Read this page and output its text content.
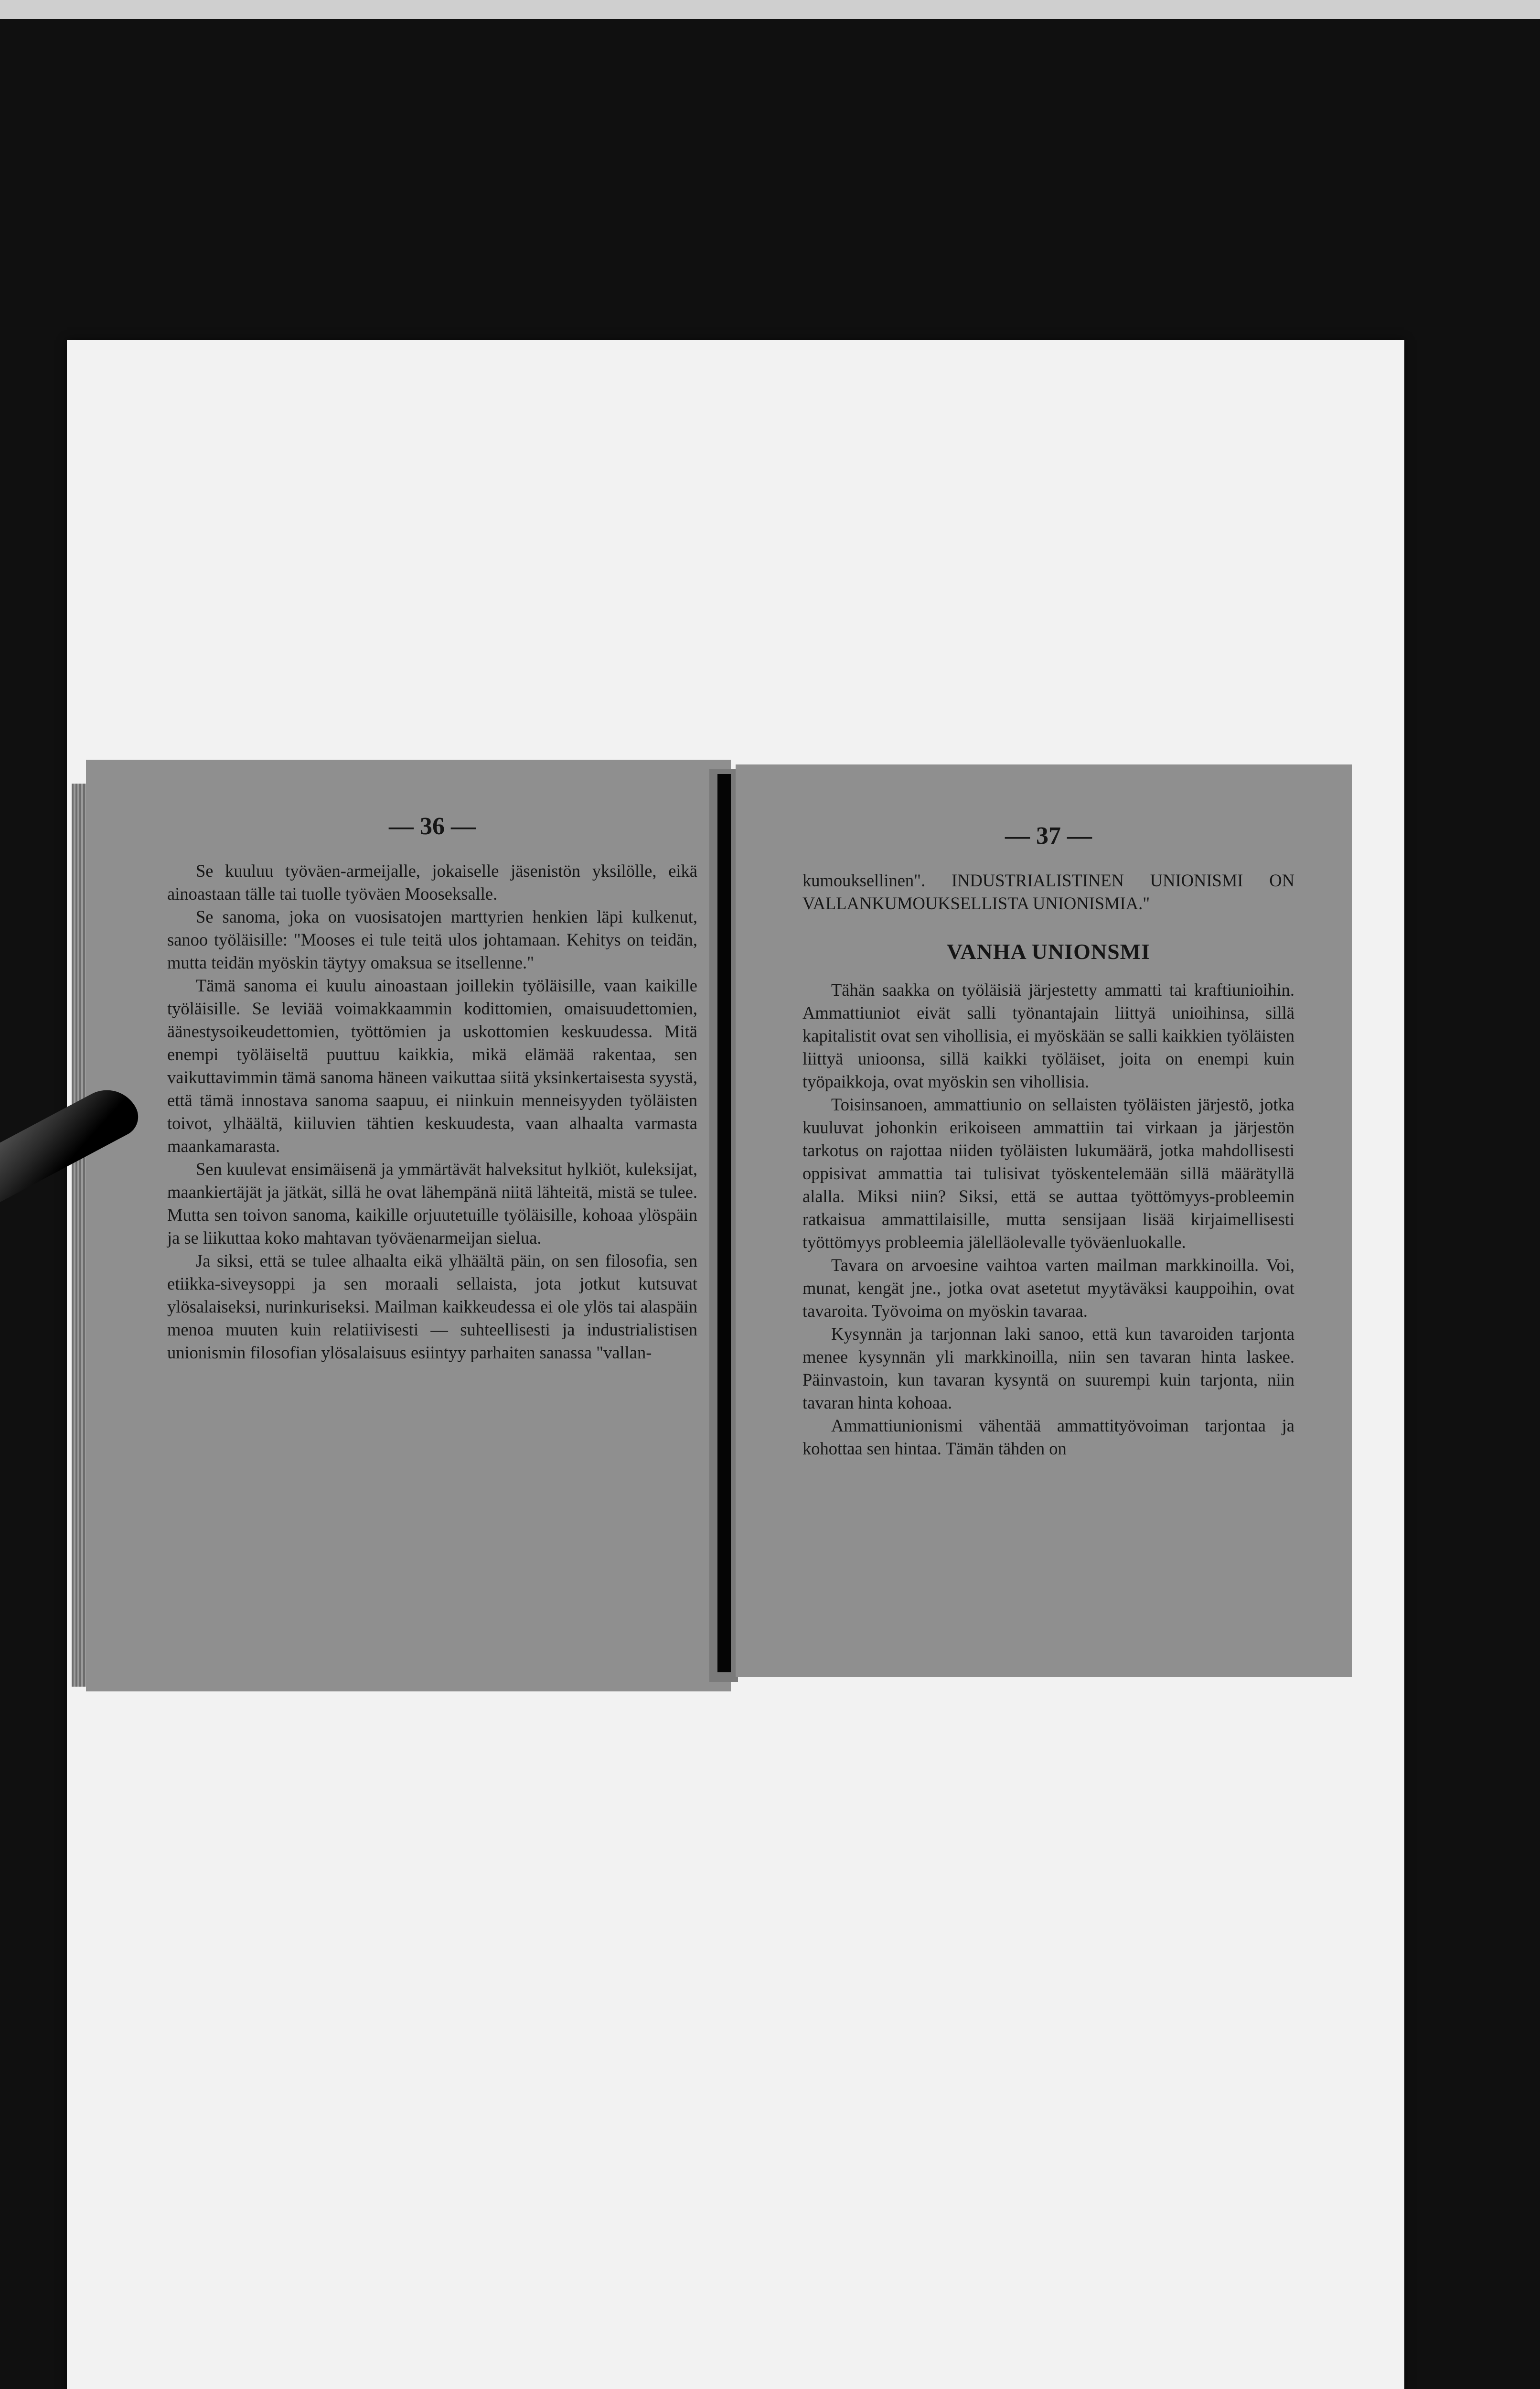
— 36 —

Se kuuluu työväen-armeijalle, jokaiselle jäsenistön yksilölle, eikä ainoastaan tälle tai tuolle työväen Mooseksalle.

Se sanoma, joka on vuosisatojen marttyrien henkien läpi kulkenut, sanoo työläisille: "Mooses ei tule teitä ulos johtamaan. Kehitys on teidän, mutta teidän myöskin täytyy omaksua se itsellenne."

Tämä sanoma ei kuulu ainoastaan joillekin työläisille, vaan kaikille työläisille. Se leviää voimakkaammin kodittomien, omaisuudettomien, äänestysoikeudettomien, työttömien ja uskottomien keskuudessa. Mitä enempi työläiseltä puuttuu kaikkia, mikä elämää rakentaa, sen vaikuttavimmin tämä sanoma häneen vaikuttaa siitä yksinkertaisesta syystä, että tämä innostava sanoma saapuu, ei niinkuin menneisyyden työläisten toivot, ylhäältä, kiiluvien tähtien keskuudesta, vaan alhaalta varmasta maankamarasta.

Sen kuulevat ensimäisenä ja ymmärtävät halveksitut hylkiöt, kuleksijat, maankiertäjät ja jätkät, sillä he ovat lähempänä niitä lähteitä, mistä se tulee. Mutta sen toivon sanoma, kaikille orjuutetuille työläisille, kohoaa ylöspäin ja se liikuttaa koko mahtavan työväenarmeijan sielua.

Ja siksi, että se tulee alhaalta eikä ylhäältä päin, on sen filosofia, sen etiikka-siveysoppi ja sen moraali sellaista, jota jotkut kutsuvat ylösalaiseksi, nurinkuriseksi. Mailman kaikkeudessa ei ole ylös tai alaspäin menoa muuten kuin relatiivisesti — suhteellisesti ja industrialistisen unionismin filosofian ylösalaisuus esiintyy parhaiten sanassa "vallan-

— 37 —

kumouksellinen". INDUSTRIALISTINEN UNIONISMI ON VALLANKUMOUKSELLISTA UNIONISMIA."

VANHA UNIONSMI

Tähän saakka on työläisiä järjestetty ammatti tai kraftiunioihin. Ammattiuniot eivät salli työnantajain liittyä unioihinsa, sillä kapitalistit ovat sen vihollisia, ei myöskään se salli kaikkien työläisten liittyä unioonsa, sillä kaikki työläiset, joita on enempi kuin työpaikkoja, ovat myöskin sen vihollisia.

Toisinsanoen, ammattiunio on sellaisten työläisten järjestö, jotka kuuluvat johonkin erikoiseen ammattiin tai virkaan ja järjestön tarkotus on rajottaa niiden työläisten lukumäärä, jotka mahdollisesti oppisivat ammattia tai tulisivat työskentelemään sillä määrätyllä alalla. Miksi niin? Siksi, että se auttaa työttömyys-probleemin ratkaisua ammattilaisille, mutta sensijaan lisää kirjaimellisesti työttömyys probleemia jälelläolevalle työväenluokalle.

Tavara on arvoesine vaihtoa varten mailman markkinoilla. Voi, munat, kengät jne., jotka ovat asetetut myytäväksi kauppoihin, ovat tavaroita. Työvoima on myöskin tavaraa.

Kysynnän ja tarjonnan laki sanoo, että kun tavaroiden tarjonta menee kysynnän yli markkinoilla, niin sen tavaran hinta laskee. Päinvastoin, kun tavaran kysyntä on suurempi kuin tarjonta, niin tavaran hinta kohoaa.

Ammattiunionismi vähentää ammattityövoiman tarjontaa ja kohottaa sen hintaa. Tämän tähden on
